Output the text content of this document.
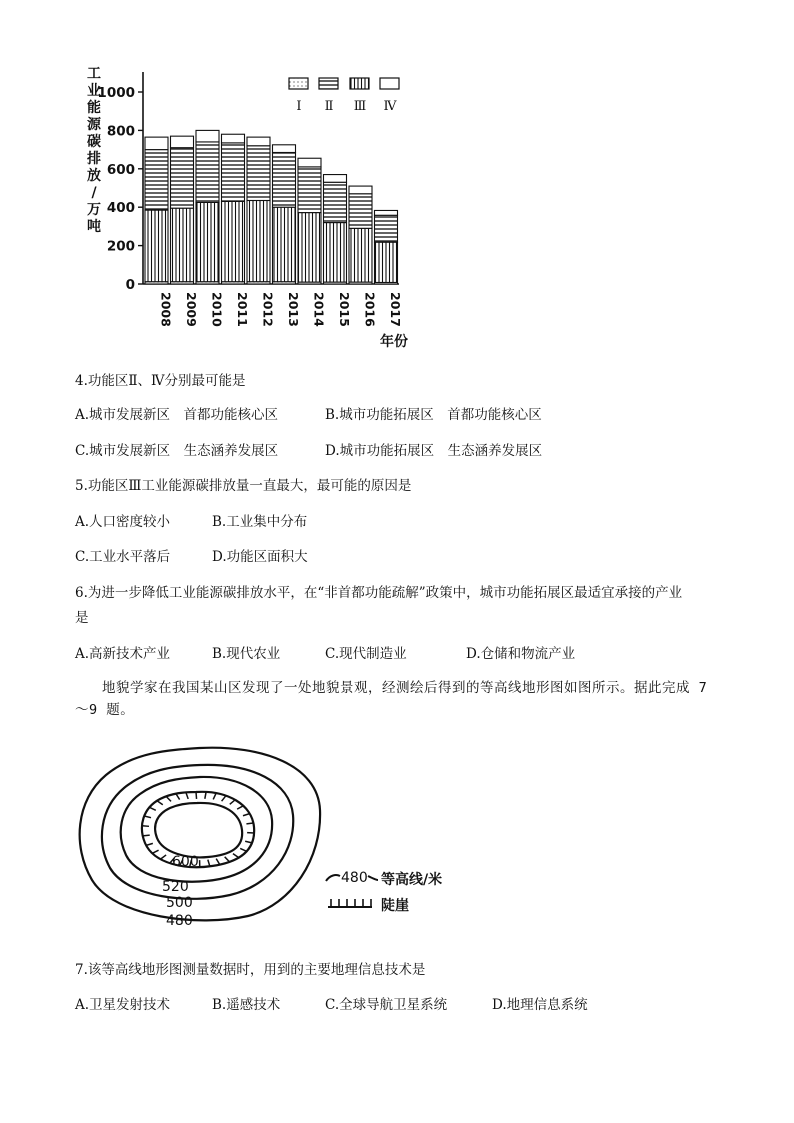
工
业
能
源
碳
排
放
/
万
吨
0
200
400
600
800
1000
2008 2009 2010 2011 2012 2013 2014 2015 2016 2017
Ⅰ Ⅱ Ⅲ Ⅳ
年份
4.功能区Ⅱ、Ⅳ分别最可能是
A.城市发展新区　首都功能核心区	B.城市功能拓展区　首都功能核心区
C.城市发展新区　生态涵养发展区	D.城市功能拓展区　生态涵养发展区
5.功能区Ⅲ工业能源碳排放量一直最大，最可能的原因是
A.人口密度较小	B.工业集中分布
C.工业水平落后	D.功能区面积大
6.为进一步降低工业能源碳排放水平，在“非首都功能疏解”政策中，城市功能拓展区最适宜承接的产业
是
A.高新技术产业	B.现代农业	C.现代制造业	D.仓储和物流产业
地貌学家在我国某山区发现了一处地貌景观，经测绘后得到的等高线地形图如图所示。据此完成 7～9 题。
600
520
500
480
480 等高线/米
陡崖
7.该等高线地形图测量数据时，用到的主要地理信息技术是
A.卫星发射技术	B.遥感技术	C.全球导航卫星系统	D.地理信息系统
